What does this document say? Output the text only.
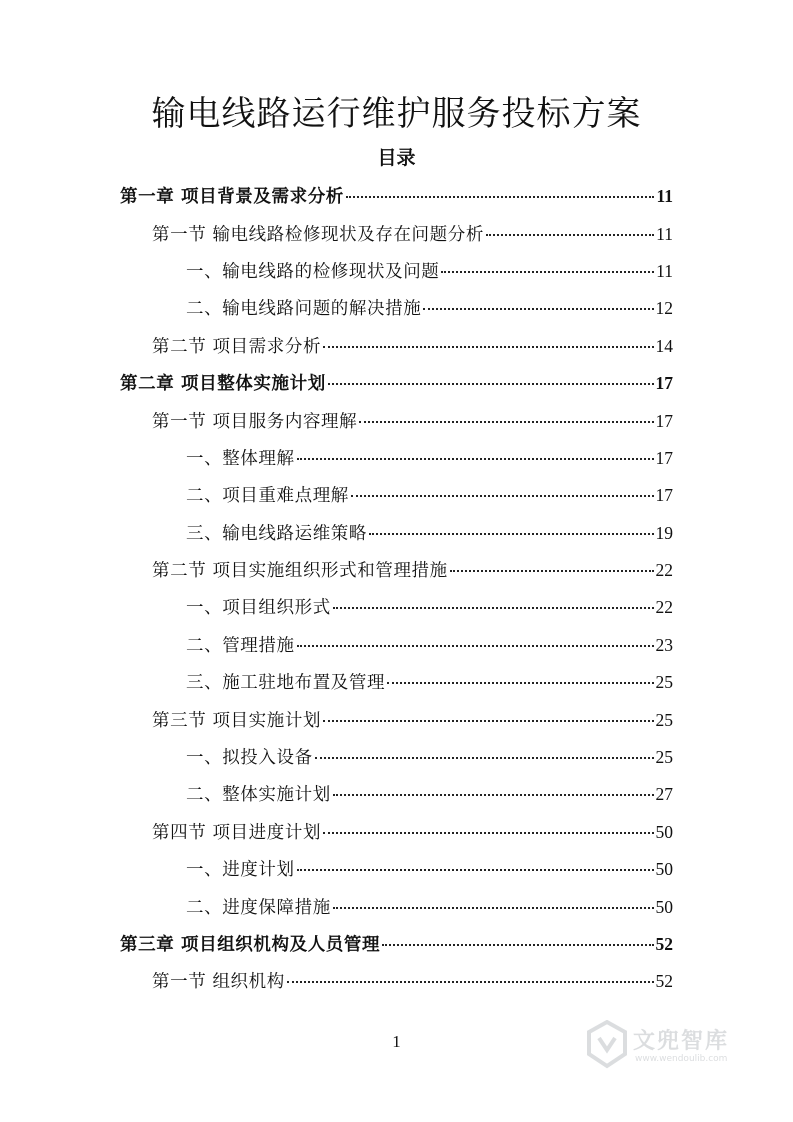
输电线路运行维护服务投标方案
目录
第一章 项目背景及需求分析	11
第一节 输电线路检修现状及存在问题分析	11
一、输电线路的检修现状及问题	11
二、输电线路问题的解决措施	12
第二节 项目需求分析	14
第二章 项目整体实施计划	17
第一节 项目服务内容理解	17
一、整体理解	17
二、项目重难点理解	17
三、输电线路运维策略	19
第二节 项目实施组织形式和管理措施	22
一、项目组织形式	22
二、管理措施	23
三、施工驻地布置及管理	25
第三节 项目实施计划	25
一、拟投入设备	25
二、整体实施计划	27
第四节 项目进度计划	50
一、进度计划	50
二、进度保障措施	50
第三章 项目组织机构及人员管理	52
第一节 组织机构	52
1	文兜智库
www.wendoulib.com
